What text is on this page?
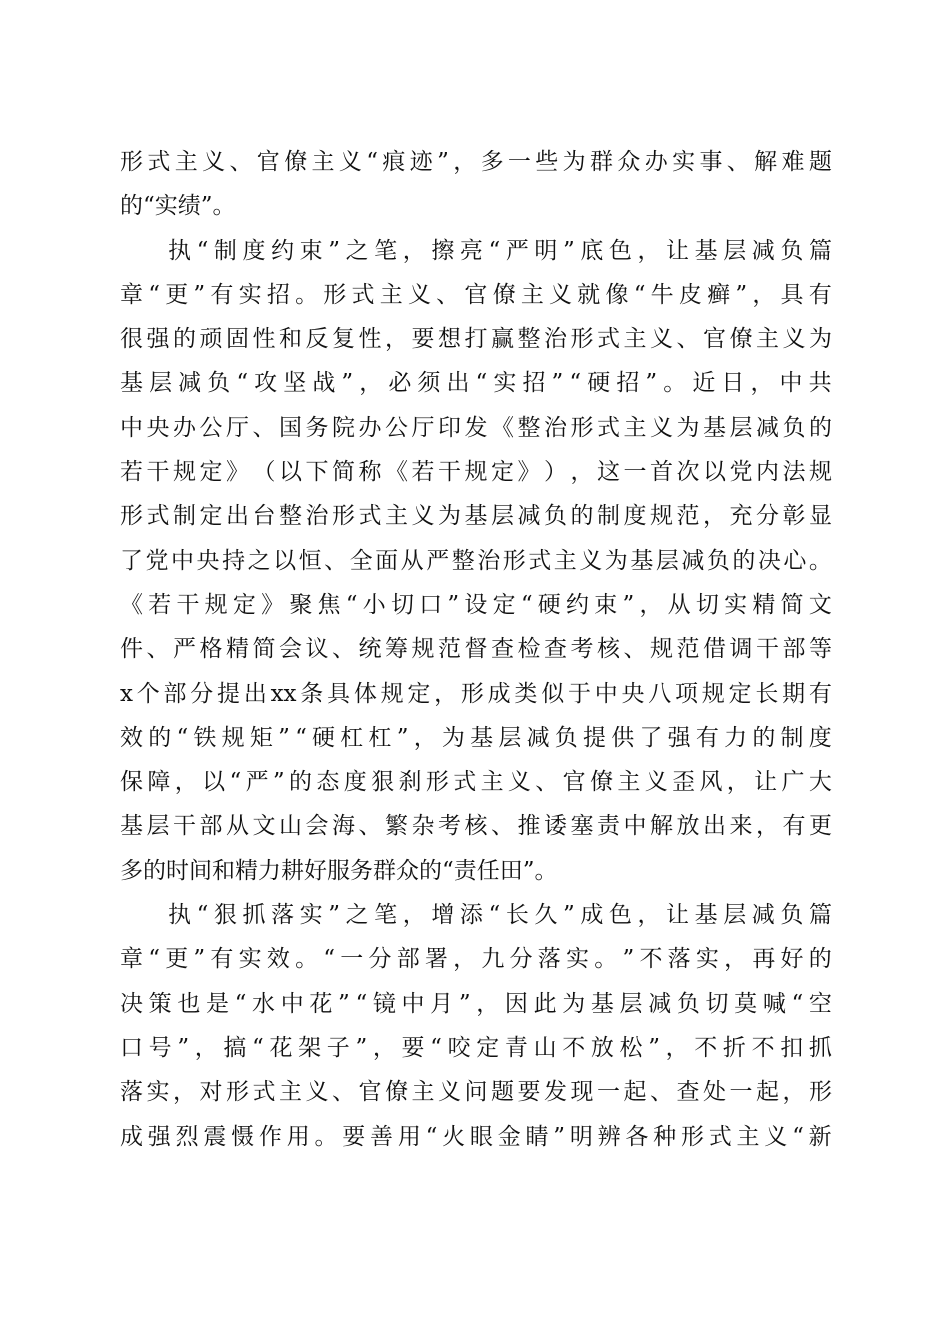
形 式 主 义 、 官 僚 主 义 “ 痕 迹 ” ， 多 一 些 为 群 众 办 实 事 、 解 难 题
的 “ 实 绩 ” 。
执 “ 制 度 约 束 ” 之 笔 ， 擦 亮 “ 严 明 ” 底 色 ， 让 基 层 减 负 篇
章 “ 更 ” 有 实 招 。 形 式 主 义 、 官 僚 主 义 就 像 “ 牛 皮 癣 ” ， 具 有
很 强 的 顽 固 性 和 反 复 性 ， 要 想 打 赢 整 治 形 式 主 义 、 官 僚 主 义 为
基 层 减 负 “ 攻 坚 战 ” ， 必 须 出 “ 实 招 ” “ 硬 招 ” 。 近 日 ， 中 共
中 央 办 公 厅 、 国 务 院 办 公 厅 印 发 《 整 治 形 式 主 义 为 基 层 减 负 的
若 干 规 定 》 （ 以 下 简 称 《 若 干 规 定 》 ） ， 这 一 首 次 以 党 内 法 规
形 式 制 定 出 台 整 治 形 式 主 义 为 基 层 减 负 的 制 度 规 范 ， 充 分 彰 显
了 党 中 央 持 之 以 恒 、 全 面 从 严 整 治 形 式 主 义 为 基 层 减 负 的 决 心 。
《 若 干 规 定 》 聚 焦 “ 小 切 口 ” 设 定 “ 硬 约 束 ” ， 从 切 实 精 简 文
件 、 严 格 精 简 会 议 、 统 筹 规 范 督 查 检 查 考 核 、 规 范 借 调 干 部 等
x 个 部 分 提 出 xx 条 具 体 规 定 ， 形 成 类 似 于 中 央 八 项 规 定 长 期 有
效 的 “ 铁 规 矩 ” “ 硬 杠 杠 ” ， 为 基 层 减 负 提 供 了 强 有 力 的 制 度
保 障 ， 以 “ 严 ” 的 态 度 狠 刹 形 式 主 义 、 官 僚 主 义 歪 风 ， 让 广 大
基 层 干 部 从 文 山 会 海 、 繁 杂 考 核 、 推 诿 塞 责 中 解 放 出 来 ， 有 更
多 的 时 间 和 精 力 耕 好 服 务 群 众 的 “ 责 任 田 ” 。
执 “ 狠 抓 落 实 ” 之 笔 ， 增 添 “ 长 久 ” 成 色 ， 让 基 层 减 负 篇
章 “ 更 ” 有 实 效 。 “ 一 分 部 署 ， 九 分 落 实 。 ” 不 落 实 ， 再 好 的
决 策 也 是 “ 水 中 花 ” “ 镜 中 月 ” ， 因 此 为 基 层 减 负 切 莫 喊 “ 空
口 号 ” ， 搞 “ 花 架 子 ” ， 要 “ 咬 定 青 山 不 放 松 ” ， 不 折 不 扣 抓
落 实 ， 对 形 式 主 义 、 官 僚 主 义 问 题 要 发 现 一 起 、 查 处 一 起 ， 形
成 强 烈 震 慑 作 用 。 要 善 用 “ 火 眼 金 睛 ” 明 辨 各 种 形 式 主 义 “ 新
